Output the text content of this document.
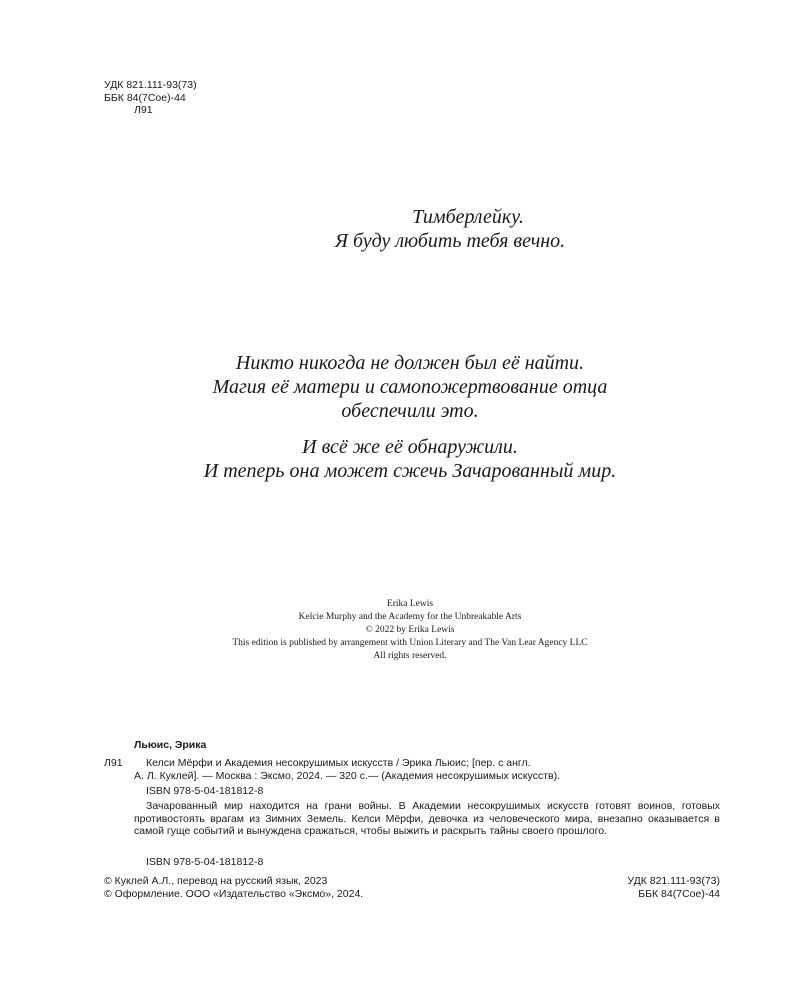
УДК 821.111-93(73)
ББК 84(7Сое)-44
Л91
Тимберлейку.
Я буду любить тебя вечно.
Никто никогда не должен был её найти.
Магия её матери и самопожертвование отца
обеспечили это.
И всё же её обнаружили.
И теперь она может сжечь Зачарованный мир.
Erika Lewis
Kelcie Murphy and the Academy for the Unbreakable Arts
© 2022 by Erika Lewis
This edition is published by arrangement with Union Literary and The Van Lear Agency LLC
All rights reserved.
Льюис, Эрика
Л91	Келси Мёрфи и Академия несокрушимых искусств / Эрика Льюис; [пер. с англ.
А. Л. Куклей]. — Москва : Эксмо, 2024. — 320 с.— (Академия несокрушимых искусств).
ISBN 978-5-04-181812-8
Зачарованный мир находится на грани войны. В Академии несокрушимых искусств готовят воинов, готовых противостоять врагам из Зимних Земель. Келси Мёрфи, девочка из человеческого мира, внезапно оказывается в самой гуще событий и вынуждена сражаться, чтобы выжить и раскрыть тайны своего прошлого.
ISBN 978-5-04-181812-8
© Куклей А.Л., перевод на русский язык, 2023
© Оформление. ООО «Издательство «Эксмо», 2024.
УДК 821.111-93(73)
ББК 84(7Сое)-44
